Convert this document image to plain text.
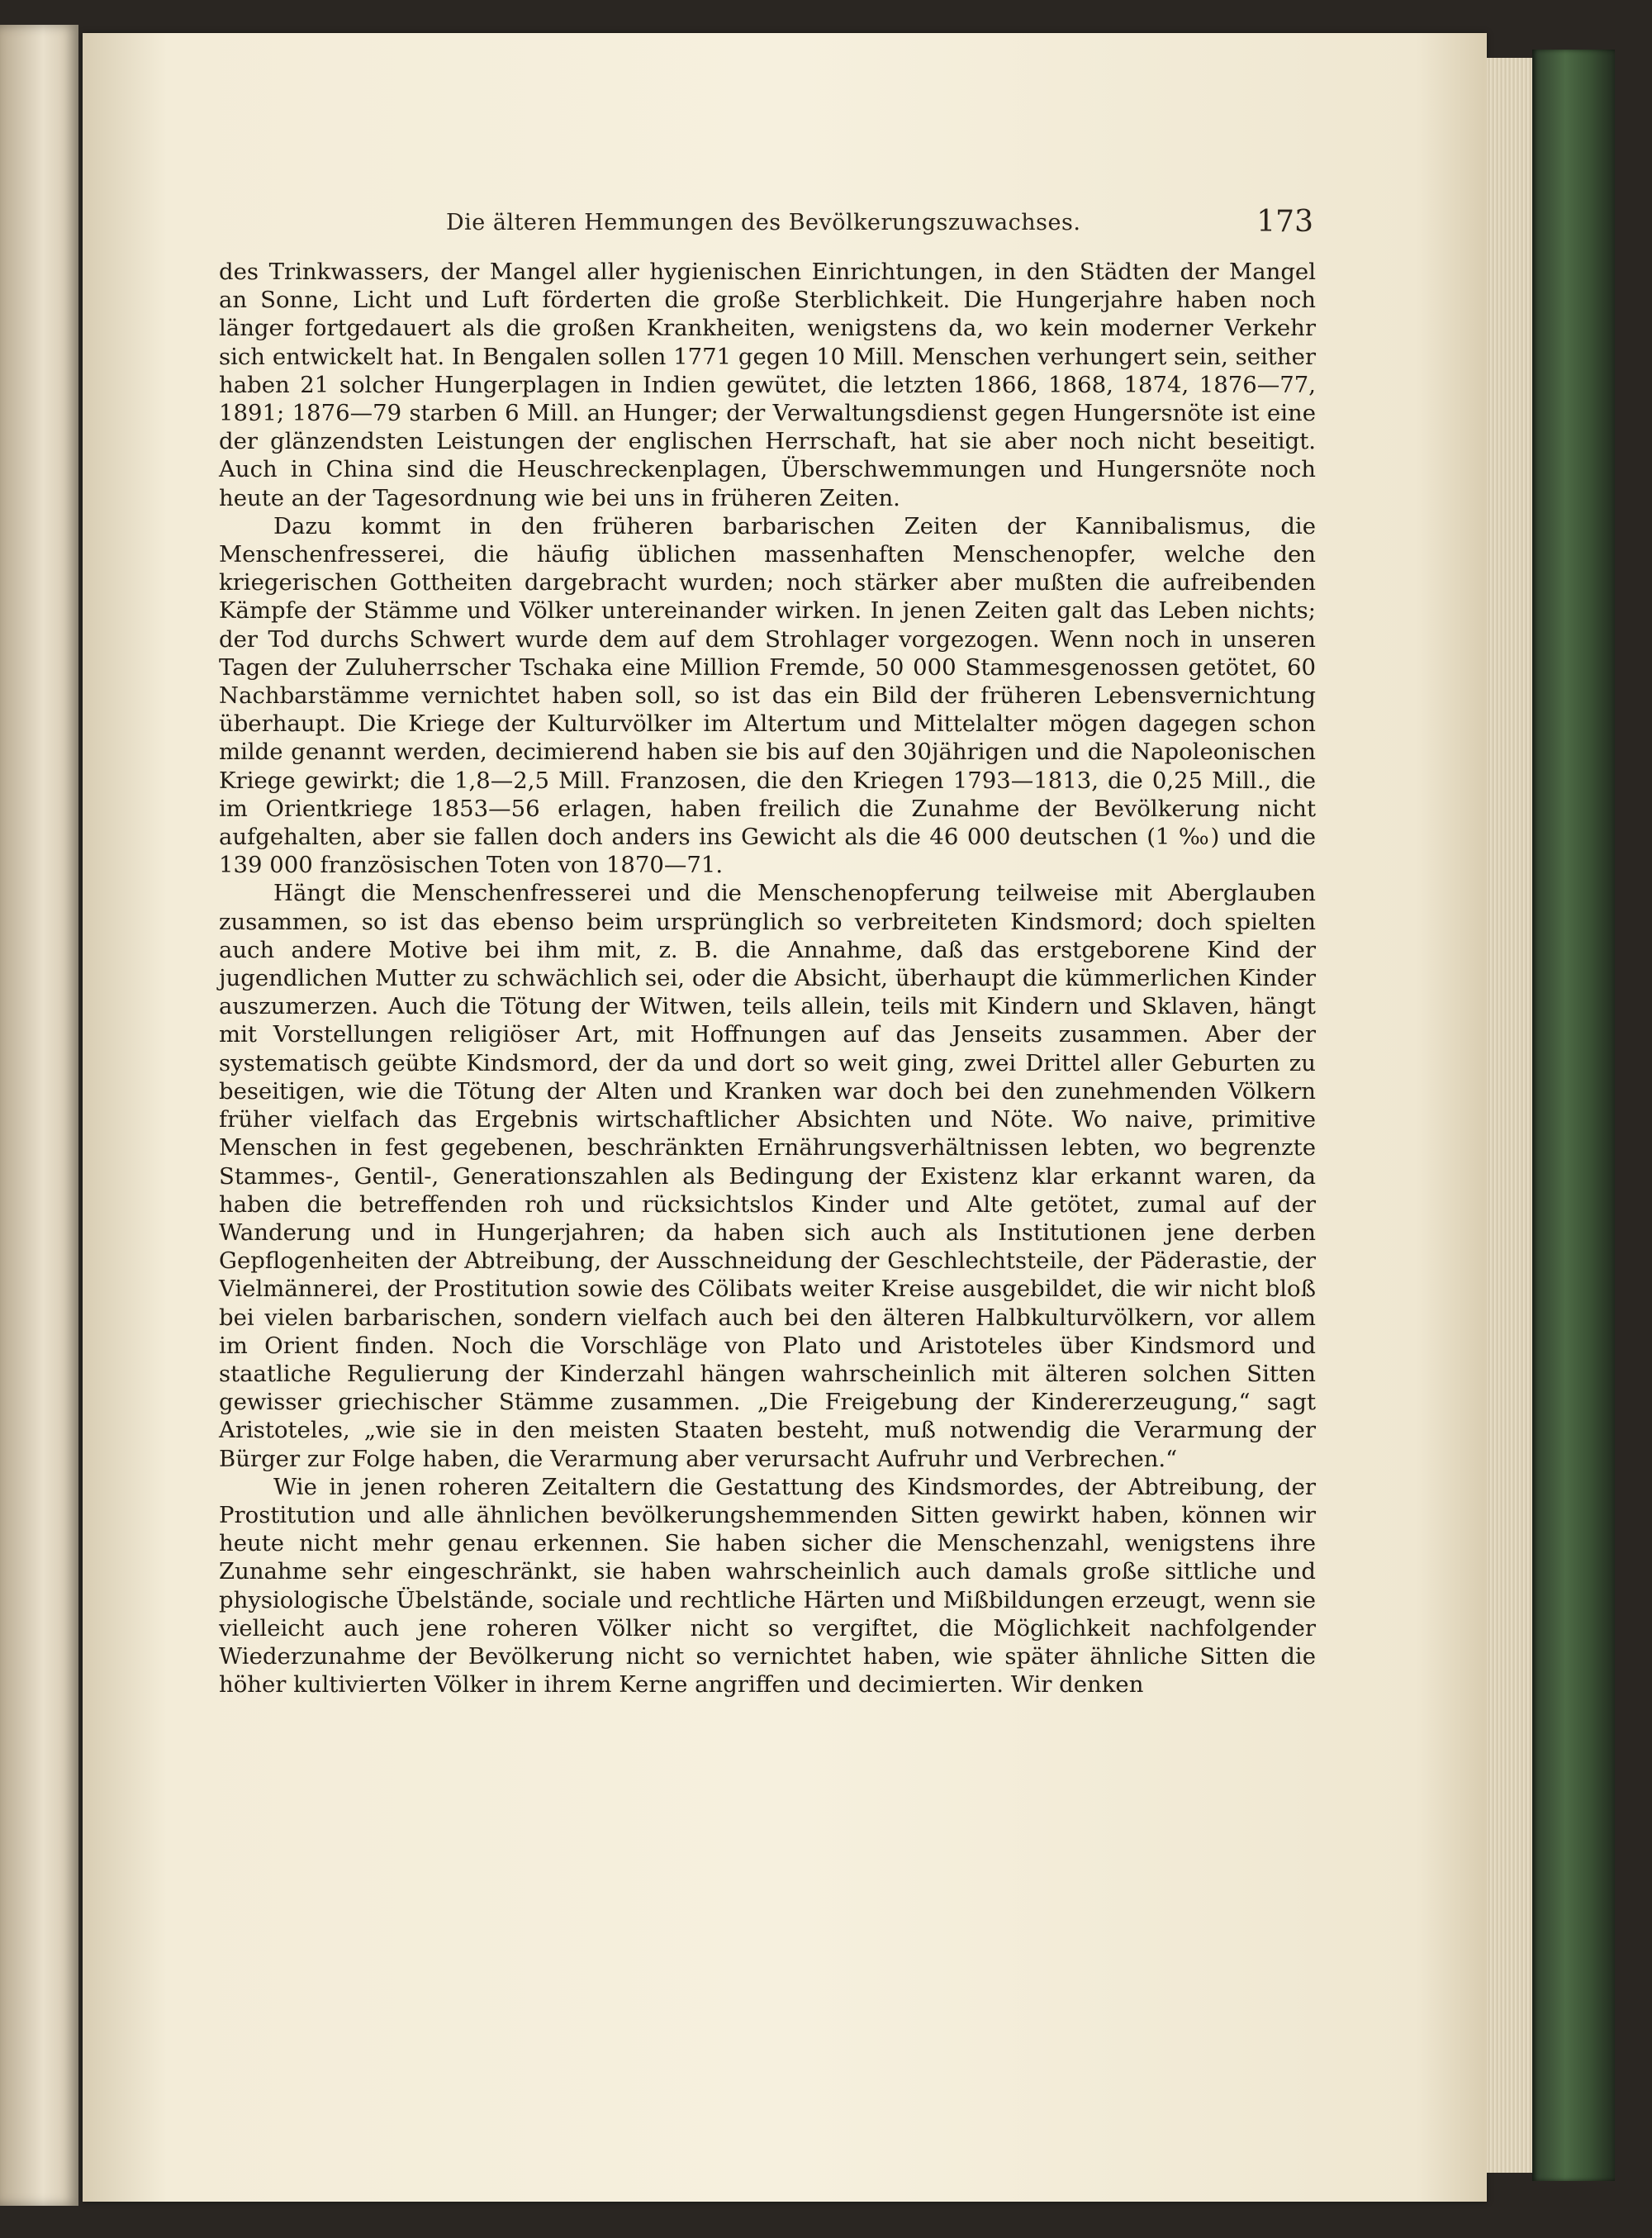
Die älteren Hemmungen des Bevölkerungszuwachses.	173

des Trinkwassers, der Mangel aller hygienischen Einrichtungen, in den Städten der Mangel an Sonne, Licht und Luft förderten die große Sterblichkeit. Die Hungerjahre haben noch länger fortgedauert als die großen Krankheiten, wenigstens da, wo kein moderner Verkehr sich entwickelt hat. In Bengalen sollen 1771 gegen 10 Mill. Menschen verhungert sein, seither haben 21 solcher Hungerplagen in Indien gewütet, die letzten 1866, 1868, 1874, 1876—77, 1891; 1876—79 starben 6 Mill. an Hunger; der Verwaltungsdienst gegen Hungersnöte ist eine der glänzendsten Leistungen der englischen Herrschaft, hat sie aber noch nicht beseitigt. Auch in China sind die Heuschreckenplagen, Überschwemmungen und Hungersnöte noch heute an der Tagesordnung wie bei uns in früheren Zeiten.

Dazu kommt in den früheren barbarischen Zeiten der Kannibalismus, die Menschenfresserei, die häufig üblichen massenhaften Menschenopfer, welche den kriegerischen Gottheiten dargebracht wurden; noch stärker aber mußten die aufreibenden Kämpfe der Stämme und Völker untereinander wirken. In jenen Zeiten galt das Leben nichts; der Tod durchs Schwert wurde dem auf dem Strohlager vorgezogen. Wenn noch in unseren Tagen der Zuluherrscher Tschaka eine Million Fremde, 50 000 Stammesgenossen getötet, 60 Nachbarstämme vernichtet haben soll, so ist das ein Bild der früheren Lebensvernichtung überhaupt. Die Kriege der Kulturvölker im Altertum und Mittelalter mögen dagegen schon milde genannt werden, decimierend haben sie bis auf den 30jährigen und die Napoleonischen Kriege gewirkt; die 1,8—2,5 Mill. Franzosen, die den Kriegen 1793—1813, die 0,25 Mill., die im Orientkriege 1853—56 erlagen, haben freilich die Zunahme der Bevölkerung nicht aufgehalten, aber sie fallen doch anders ins Gewicht als die 46 000 deutschen (1 ‰) und die 139 000 französischen Toten von 1870—71.

Hängt die Menschenfresserei und die Menschenopferung teilweise mit Aberglauben zusammen, so ist das ebenso beim ursprünglich so verbreiteten Kindsmord; doch spielten auch andere Motive bei ihm mit, z. B. die Annahme, daß das erstgeborene Kind der jugendlichen Mutter zu schwächlich sei, oder die Absicht, überhaupt die kümmerlichen Kinder auszumerzen. Auch die Tötung der Witwen, teils allein, teils mit Kindern und Sklaven, hängt mit Vorstellungen religiöser Art, mit Hoffnungen auf das Jenseits zusammen. Aber der systematisch geübte Kindsmord, der da und dort so weit ging, zwei Drittel aller Geburten zu beseitigen, wie die Tötung der Alten und Kranken war doch bei den zunehmenden Völkern früher vielfach das Ergebnis wirtschaftlicher Absichten und Nöte. Wo naive, primitive Menschen in fest gegebenen, beschränkten Ernährungsverhältnissen lebten, wo begrenzte Stammes-, Gentil-, Generationszahlen als Bedingung der Existenz klar erkannt waren, da haben die betreffenden roh und rücksichtslos Kinder und Alte getötet, zumal auf der Wanderung und in Hungerjahren; da haben sich auch als Institutionen jene derben Gepflogenheiten der Abtreibung, der Ausschneidung der Geschlechtsteile, der Päderastie, der Vielmännerei, der Prostitution sowie des Cölibats weiter Kreise ausgebildet, die wir nicht bloß bei vielen barbarischen, sondern vielfach auch bei den älteren Halbkulturvölkern, vor allem im Orient finden. Noch die Vorschläge von Plato und Aristoteles über Kindsmord und staatliche Regulierung der Kinderzahl hängen wahrscheinlich mit älteren solchen Sitten gewisser griechischer Stämme zusammen. „Die Freigebung der Kindererzeugung,“ sagt Aristoteles, „wie sie in den meisten Staaten besteht, muß notwendig die Verarmung der Bürger zur Folge haben, die Verarmung aber verursacht Aufruhr und Verbrechen.“

Wie in jenen roheren Zeitaltern die Gestattung des Kindsmordes, der Abtreibung, der Prostitution und alle ähnlichen bevölkerungshemmenden Sitten gewirkt haben, können wir heute nicht mehr genau erkennen. Sie haben sicher die Menschenzahl, wenigstens ihre Zunahme sehr eingeschränkt, sie haben wahrscheinlich auch damals große sittliche und physiologische Übelstände, sociale und rechtliche Härten und Mißbildungen erzeugt, wenn sie vielleicht auch jene roheren Völker nicht so vergiftet, die Möglichkeit nachfolgender Wiederzunahme der Bevölkerung nicht so vernichtet haben, wie später ähnliche Sitten die höher kultivierten Völker in ihrem Kerne angriffen und decimierten. Wir denken
